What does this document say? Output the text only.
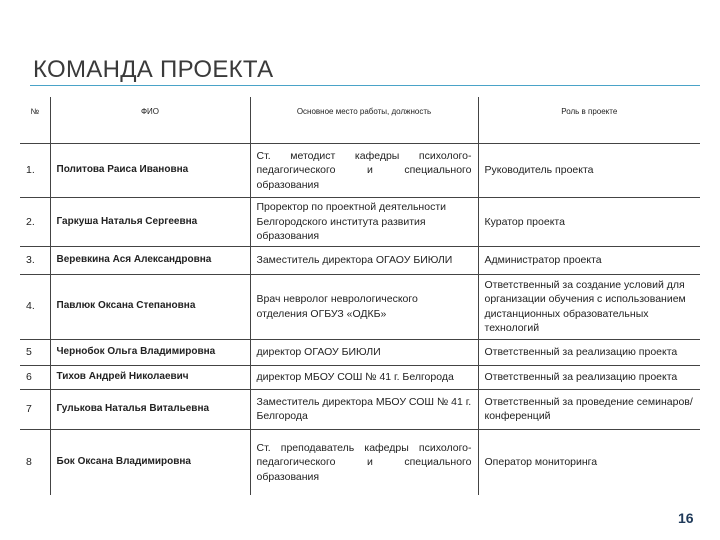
КОМАНДА ПРОЕКТА
№	ФИО	Основное место работы, должность	Роль в проекте
1.	Политова Раиса Ивановна	Ст. методист кафедры психолого-педагогического и специального образования	Руководитель проекта
2.	Гаркуша Наталья Сергеевна	Проректор по проектной деятельности Белгородского института развития образования	Куратор проекта
3.	Веревкина Ася Александровна	Заместитель директора ОГАОУ БИЮЛИ	Администратор проекта
4.	Павлюк Оксана Степановна	Врач невролог неврологического отделения ОГБУЗ «ОДКБ»	Ответственный за создание условий для организации обучения с использованием дистанционных образовательных технологий
5	Чернобок Ольга Владимировна	директор ОГАОУ БИЮЛИ	Ответственный за реализацию проекта
6	Тихов Андрей Николаевич	директор МБОУ СОШ № 41 г. Белгорода	Ответственный за реализацию проекта
7	Гулькова Наталья Витальевна	Заместитель директора МБОУ СОШ № 41 г. Белгорода	Ответственный за проведение семинаров/конференций
8	Бок Оксана Владимировна	Ст. преподаватель кафедры психолого-педагогического и специального образования	Оператор мониторинга
16
